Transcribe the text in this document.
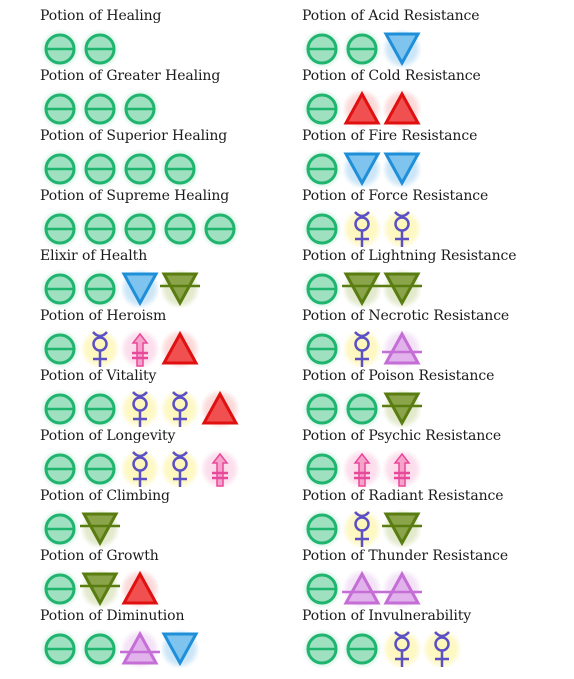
Potion of Healing
Potion of Greater Healing
Potion of Superior Healing
Potion of Supreme Healing
Elixir of Health
Potion of Heroism
Potion of Vitality
Potion of Longevity
Potion of Climbing
Potion of Growth
Potion of Diminution
Potion of Acid Resistance
Potion of Cold Resistance
Potion of Fire Resistance
Potion of Force Resistance
Potion of Lightning Resistance
Potion of Necrotic Resistance
Potion of Poison Resistance
Potion of Psychic Resistance
Potion of Radiant Resistance
Potion of Thunder Resistance
Potion of Invulnerability
